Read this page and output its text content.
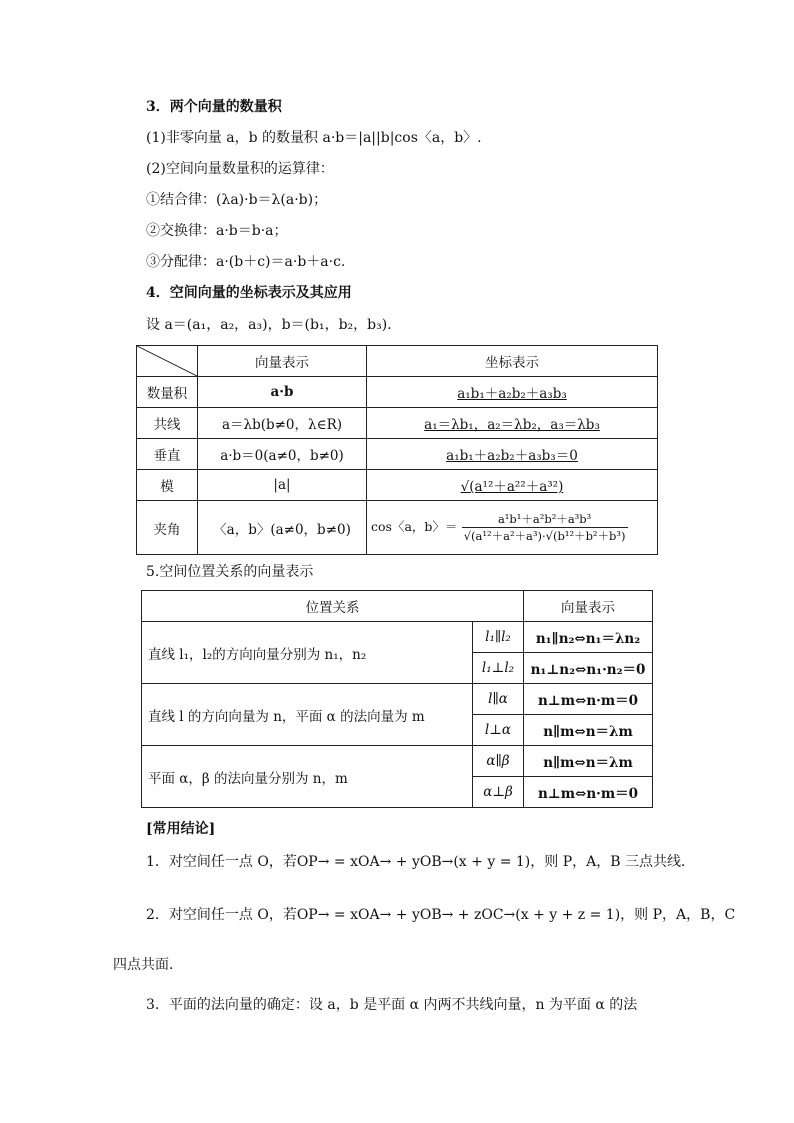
3．两个向量的数量积
(1)非零向量 a，b 的数量积 a·b＝|a||b|cos〈a，b〉.
(2)空间向量数量积的运算律：
①结合律：(λa)·b＝λ(a·b)；
②交换律：a·b＝b·a；
③分配律：a·(b＋c)＝a·b＋a·c.
4．空间向量的坐标表示及其应用
设 a＝(a₁，a₂，a₃)，b＝(b₁，b₂，b₃)．
	向量表示	坐标表示
数量积	a·b	a₁b₁＋a₂b₂＋a₃b₃
共线	a＝λb(b≠0，λ∈R)	a₁＝λb₁，a₂＝λb₂，a₃＝λb₃
垂直	a·b＝0(a≠0，b≠0)	a₁b₁＋a₂b₂＋a₃b₃＝0
模	|a|	√(a¹²＋a²²＋a³²)
夹角	〈a，b〉(a≠0，b≠0)	cos〈a，b〉＝ $\frac{\text{a¹b¹＋a²b²＋a³b³}}{\text{√(a¹²＋a²＋a³)·√(b¹²＋b²＋b³)}}$
5.空间位置关系的向量表示
位置关系		向量表示
直线 l₁，l₂的方向向量分别为 n₁，n₂	l₁∥l₂	n₁∥n₂⇔n₁＝λn₂
	l₁⊥l₂	n₁⊥n₂⇔n₁·n₂＝0
直线 l 的方向向量为 n，平面 α 的法向量为 m	l∥α	n⊥m⇔n·m＝0
	l⊥α	n∥m⇔n＝λm
平面 α，β 的法向量分别为 n，m	α∥β	n∥m⇔n＝λm
	α⊥β	n⊥m⇔n·m＝0
[常用结论]
1．对空间任一点 O，若OP→ = xOA→ + yOB→(x + y = 1)，则 P，A，B 三点共线．
2．对空间任一点 O，若OP→ = xOA→ + yOB→ + zOC→(x + y + z = 1)，则 P，A，B，C
四点共面．
3．平面的法向量的确定：设 a，b 是平面 α 内两不共线向量，n 为平面 α 的法
